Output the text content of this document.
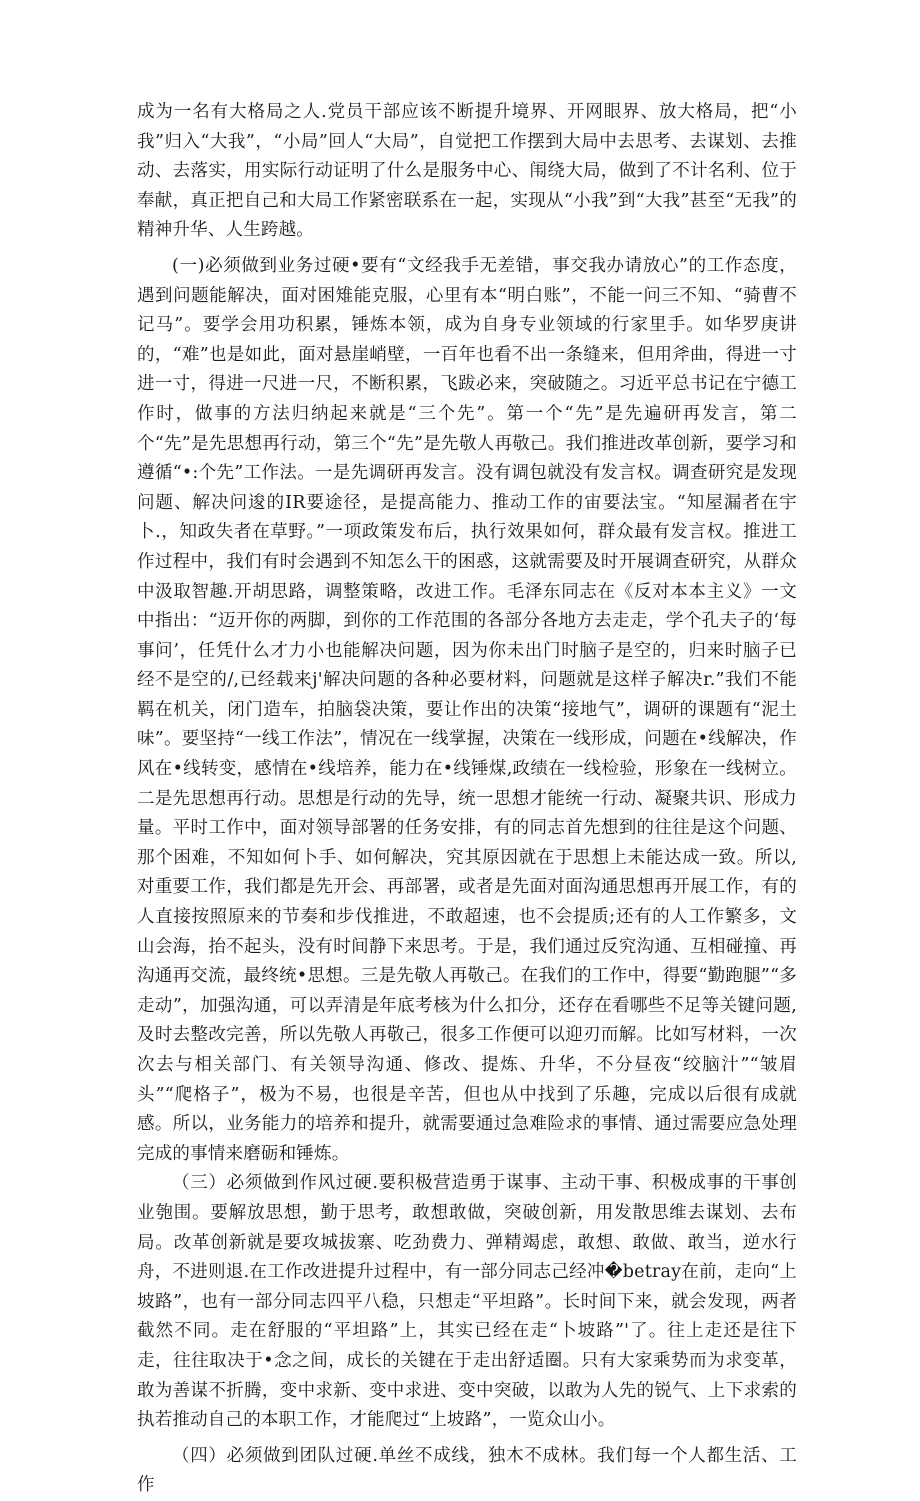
成为一名有大格局之人.党员干部应该不断提升境界、开网眼界、放大格局，把“小我”归入“大我”，“小局”回人“大局”，自觉把工作摆到大局中去思考、去谋划、去推动、去落实，用实际行动证明了什么是服务中心、闱绕大局，做到了不计名利、位于奉献，真正把自己和大局工作紧密联系在一起，实现从“小我”到“大我”甚至“无我”的精神升华、人生跨越。

(一)必须做到业务过硬•要有“文经我手无差错，事交我办请放心”的工作态度，遇到问题能解决，面对困雉能克服，心里有本“明白账”，不能一问三不知、“骑曹不记马”。要学会用功积累，锤炼本领，成为自身专业领域的行家里手。如华罗庚讲的，“难”也是如此，面对悬崖峭壁，一百年也看不出一条缝来，但用斧曲，得进一寸进一寸，得进一尺进一尺，不断积累，飞跋必来，突破随之。习近平总书记在宁德工作时，做事的方法归纳起来就是“三个先”。第一个“先”是先遍研再发言，第二个“先”是先思想再行动，第三个“先”是先敬人再敬己。我们推进改革创新，要学习和遵循“•:个先”工作法。一是先调研再发言。没有调包就没有发言权。调查研究是发现问题、解决问逡的IR要途径，是提高能力、推动工作的宙要法宝。“知屋漏者在宇卜.，知政失者在草野。”一项政策发布后，执行效果如何，群众最有发言权。推进工作过程中，我们有时会遇到不知怎么干的困惑，这就需要及时开展调查研究，从群众中汲取智趣.开胡思路，调整策略，改进工作。毛泽东同志在《反对本本主义》一文中指出：“迈开你的两脚，到你的工作范围的各部分各地方去走走，学个孔夫子的‘每事问’，任凭什么才力小也能解决问题，因为你未出门时脑子是空的，归来时脑子已经不是空的/,已经载来j'解决问题的各种必要材料，问题就是这样子解决r.”我们不能羁在机关，闭门造车，拍脑袋决策，要让作出的决策“接地气”，调研的课题有“泥土味”。要坚持“一线工作法”，情况在一线掌握，决策在一线形成，问题在•线解决，作风在•线转变，感情在•线培养，能力在•线锤煤,政绩在一线检验，形象在一线树立。二是先思想再行动。思想是行动的先导，统一思想才能统一行动、凝聚共识、形成力量。平时工作中，面对领导部署的任务安排，有的同志首先想到的往往是这个问题、那个困难，不知如何卜手、如何解决，究其原因就在于思想上未能达成一致。所以,对重要工作，我们都是先开会、再部署，或者是先面对面沟通思想再开展工作，有的人直接按照原来的节奏和步伐推进，不敢超速，也不会提质;还有的人工作繁多，文山会海，抬不起头，没有时间静下来思考。于是，我们通过反究沟通、互相碰撞、再沟通再交流，最终统•思想。三是先敬人再敬己。在我们的工作中，得要“勤跑腿”“多走动”，加强沟通，可以弄清是年底考核为什么扣分，还存在看哪些不足等关键问题,及时去整改完善，所以先敬人再敬己，很多工作便可以迎刃而解。比如写材料，一次次去与相关部门、有关领导沟通、修改、提炼、升华，不分昼夜“绞脑汁”“皱眉头”“爬格子”，极为不易，也很是辛苦，但也从中找到了乐趣，完成以后很有成就感。所以，业务能力的培养和提升，就需要通过急难险求的事情、通过需要应急处理完成的事情来磨砺和锤炼。

（三）必须做到作风过硬.要积极营造勇于谋事、主动干事、积极成事的干事创业匏围。要解放思想，勤于思考，敢想敢做，突破创新，用发散思维去谋划、去布局。改革创新就是要攻城拔寨、吃劲费力、弹精竭虑，敢想、敢做、敢当，逆水行舟，不进则退.在工作改进提升过程中，有一部分同志己经冲�betray在前，走向“上坡路”，也有一部分同志四平八稳，只想走“平坦路”。长时间下来，就会发现，两者截然不同。走在舒服的“平坦路”上，其实已经在走“卜坡路”'了。往上走还是往下走，往往取决于•念之间，成长的关键在于走出舒适圈。只有大家乘势而为求变革，敢为善谋不折腾，变中求新、变中求进、变中突破，以敢为人先的锐气、上下求索的执若推动自己的本职工作，才能爬过“上坡路”，一览众山小。

（四）必须做到团队过硬.单丝不成线，独木不成林。我们每一个人都生活、工作
